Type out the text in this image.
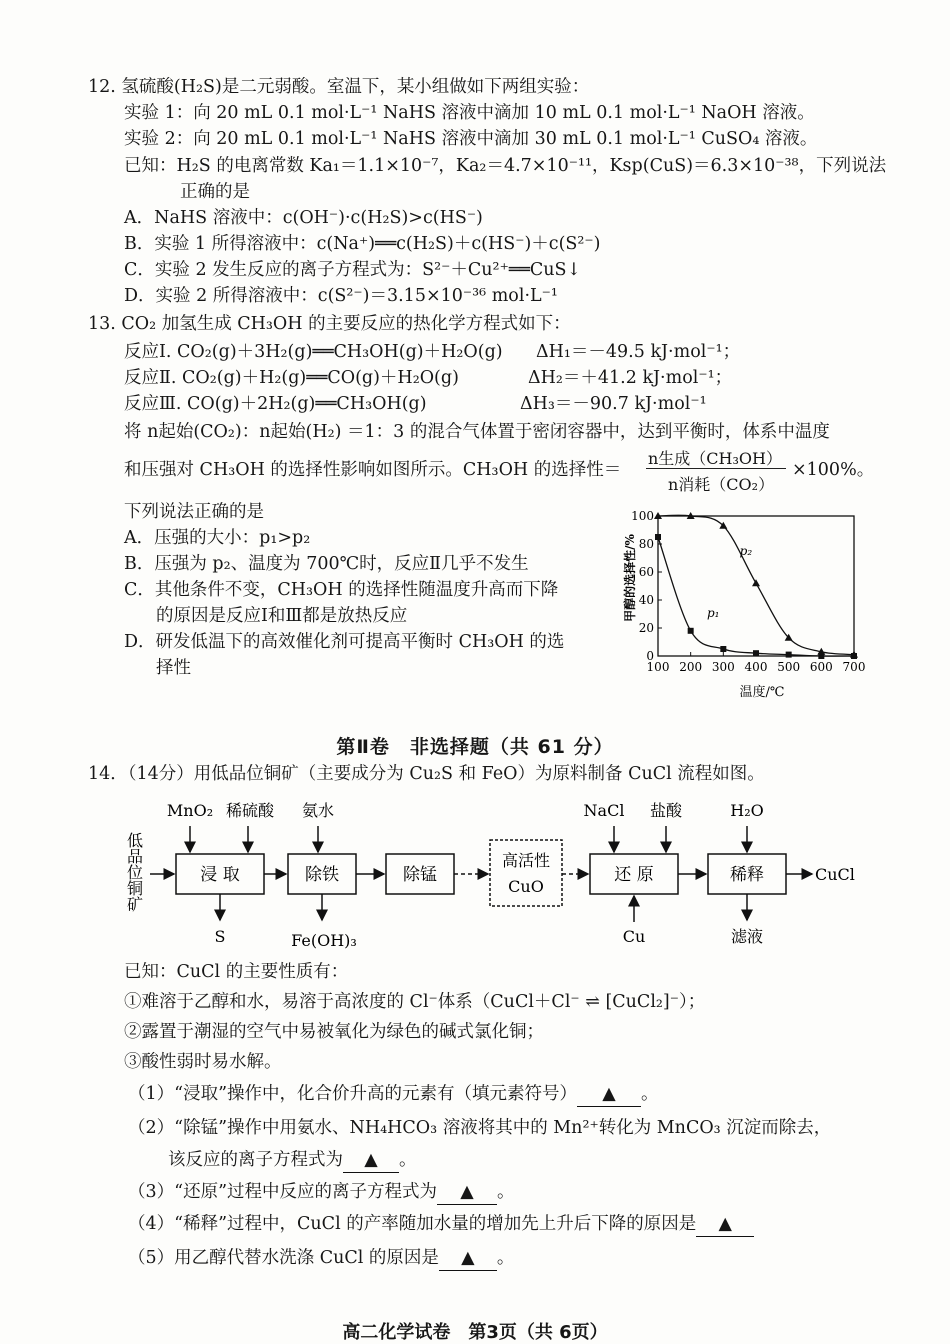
12. 氢硫酸(H₂S)是二元弱酸。室温下，某小组做如下两组实验：
实验 1：向 20 mL 0.1 mol·L⁻¹ NaHS 溶液中滴加 10 mL 0.1 mol·L⁻¹ NaOH 溶液。
实验 2：向 20 mL 0.1 mol·L⁻¹ NaHS 溶液中滴加 30 mL 0.1 mol·L⁻¹ CuSO₄ 溶液。
已知：H₂S 的电离常数 Ka₁＝1.1×10⁻⁷，Ka₂＝4.7×10⁻¹¹，Ksp(CuS)＝6.3×10⁻³⁸，下列说法
正确的是
A．NaHS 溶液中：c(OH⁻)·c(H₂S)>c(HS⁻)
B．实验 1 所得溶液中：c(Na⁺)══c(H₂S)＋c(HS⁻)＋c(S²⁻)
C．实验 2 发生反应的离子方程式为：S²⁻＋Cu²⁺══CuS↓
D．实验 2 所得溶液中：c(S²⁻)＝3.15×10⁻³⁶ mol·L⁻¹
13. CO₂ 加氢生成 CH₃OH 的主要反应的热化学方程式如下：
反应Ⅰ. CO₂(g)＋3H₂(g)══CH₃OH(g)＋H₂O(g) ΔH₁＝－49.5 kJ·mol⁻¹；
反应Ⅱ. CO₂(g)＋H₂(g)══CO(g)＋H₂O(g)	ΔH₂＝＋41.2 kJ·mol⁻¹；
反应Ⅲ. CO(g)＋2H₂(g)══CH₃OH(g)	ΔH₃＝－90.7 kJ·mol⁻¹
将 n起始(CO₂)：n起始(H₂) ＝1：3 的混合气体置于密闭容器中，达到平衡时，体系中温度
和压强对 CH₃OH 的选择性影响如图所示。CH₃OH 的选择性＝
n生成（CH₃OH）
n消耗（CO₂）
×100%。
下列说法正确的是
A．压强的大小：p₁>p₂
B．压强为 p₂、温度为 700℃时，反应Ⅱ几乎不发生
C．其他条件不变，CH₃OH 的选择性随温度升高而下降
的原因是反应Ⅰ和Ⅲ都是放热反应
D．研发低温下的高效催化剂可提高平衡时 CH₃OH 的选
择性
甲醇的选择性/%
温度/℃
100 200 300 400 500 600 700
0
20
40
60
80
100
p₁
p₂
第Ⅱ卷　非选择题（共 61 分）
14．（14分）用低品位铜矿（主要成分为 Cu₂S 和 FeO）为原料制备 CuCl 流程如图。
低品位铜矿	浸 取	除铁	除锰
高活性
CuO
还 原	稀释
MnO₂ 稀硫酸 氨水	NaCl 盐酸	H₂O
S	Fe(OH)₃	Cu	滤液
CuCl
已知：CuCl 的主要性质有：
①难溶于乙醇和水，易溶于高浓度的 Cl⁻体系（CuCl＋Cl⁻ ⇌ [CuCl₂]⁻）；
②露置于潮湿的空气中易被氧化为绿色的碱式氯化铜；
③酸性弱时易水解。
（1）“浸取”操作中，化合价升高的元素有（填元素符号） ▲ 。
（2）“除锰”操作中用氨水、NH₄HCO₃ 溶液将其中的 Mn²⁺转化为 MnCO₃ 沉淀而除去，
该反应的离子方程式为 ▲ 。
（3）“还原”过程中反应的离子方程式为 ▲ 。
（4）“稀释”过程中，CuCl 的产率随加水量的增加先上升后下降的原因是 ▲
（5）用乙醇代替水洗涤 CuCl 的原因是 ▲ 。
高二化学试卷　第3页（共 6页）
